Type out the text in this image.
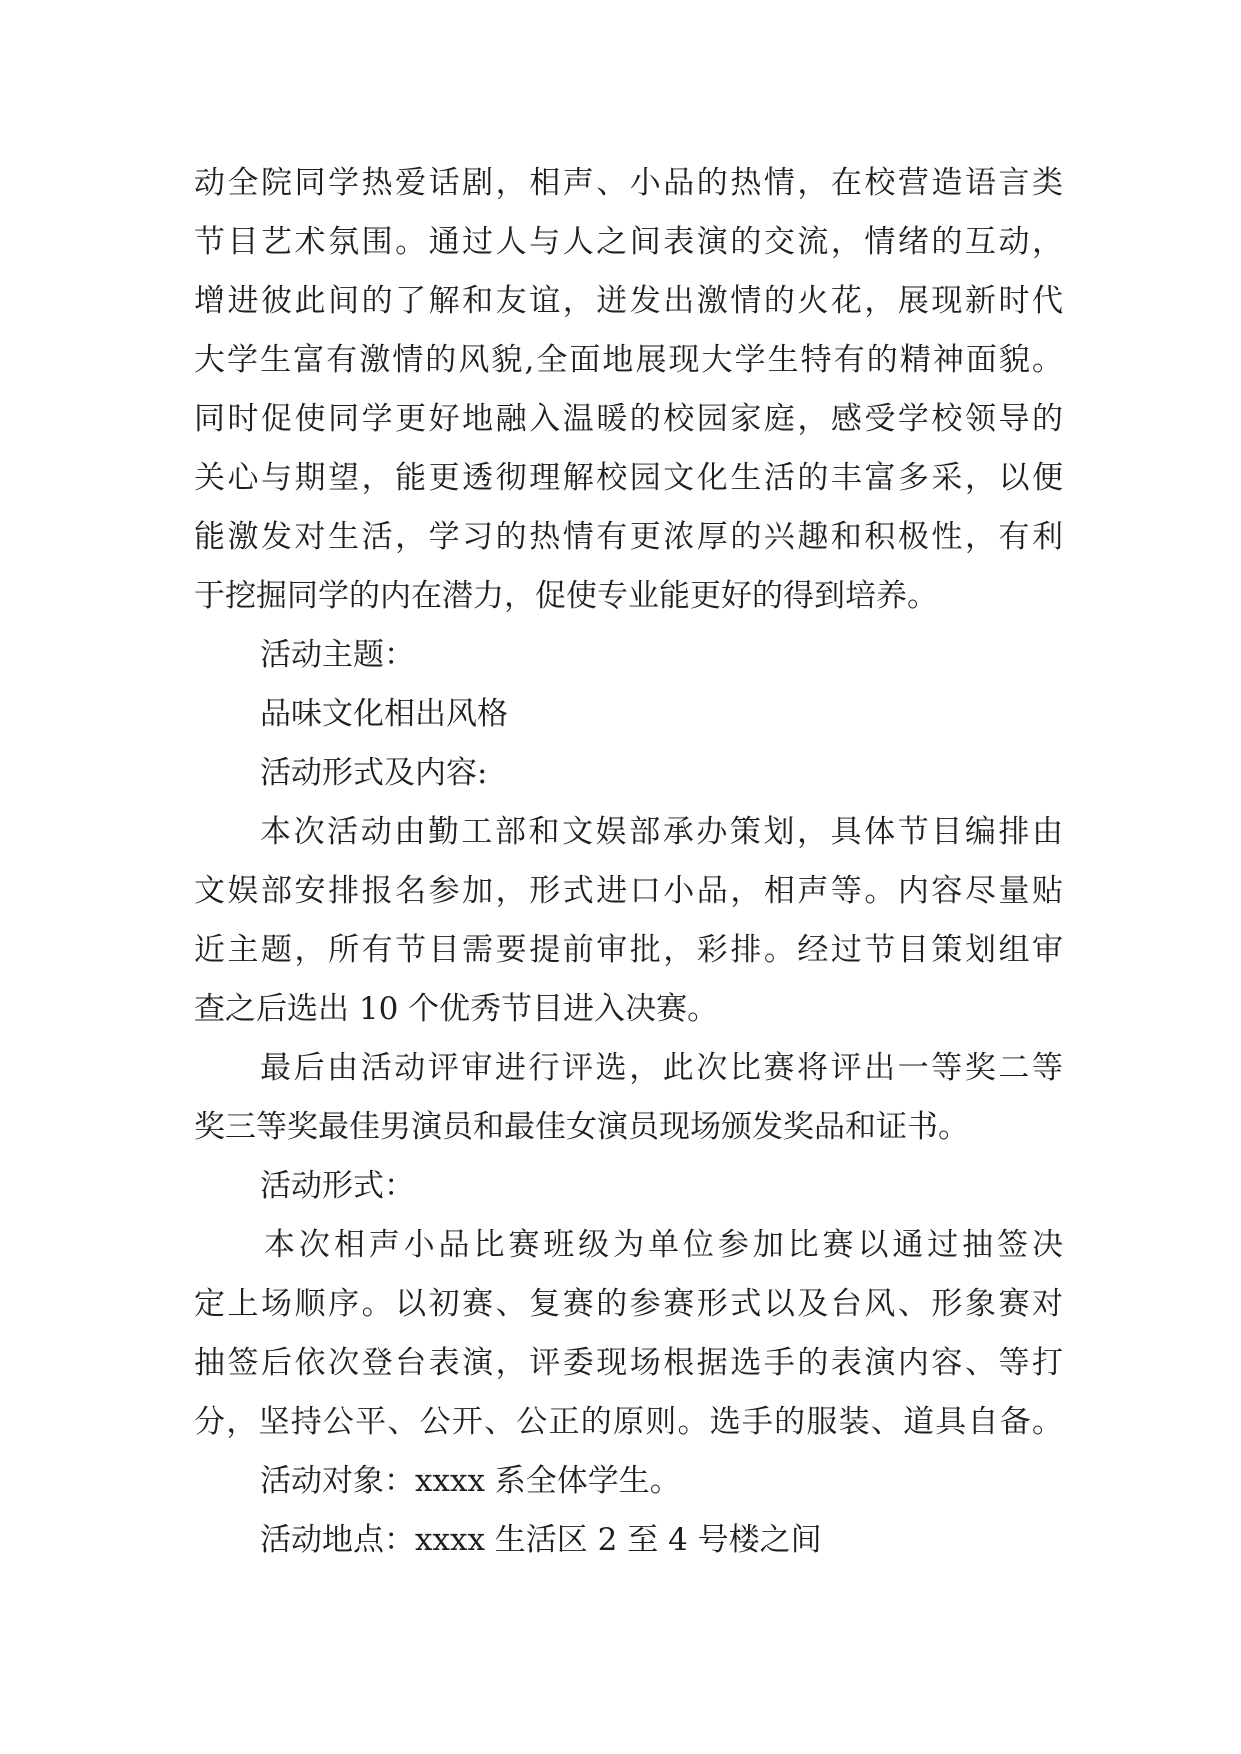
动全院同学热爱话剧，相声、小品的热情，在校营造语言类
节目艺术氛围。通过人与人之间表演的交流，情绪的互动，
增进彼此间的了解和友谊，迸发出激情的火花，展现新时代
大学生富有激情的风貌,全面地展现大学生特有的精神面貌。
同时促使同学更好地融入温暖的校园家庭，感受学校领导的
关心与期望，能更透彻理解校园文化生活的丰富多采，以便
能激发对生活，学习的热情有更浓厚的兴趣和积极性，有利
于挖掘同学的内在潜力，促使专业能更好的得到培养。
活动主题：
品味文化相出风格
活动形式及内容:
本次活动由勤工部和文娱部承办策划，具体节目编排由
文娱部安排报名参加，形式进口小品，相声等。内容尽量贴
近主题，所有节目需要提前审批，彩排。经过节目策划组审
查之后选出 10 个优秀节目进入决赛。
最后由活动评审进行评选，此次比赛将评出一等奖二等
奖三等奖最佳男演员和最佳女演员现场颁发奖品和证书。
活动形式：
本次相声小品比赛班级为单位参加比赛以通过抽签决
定上场顺序。以初赛、复赛的参赛形式以及台风、形象赛对
抽签后依次登台表演，评委现场根据选手的表演内容、等打
分，坚持公平、公开、公正的原则。选手的服装、道具自备。
活动对象：xxxx 系全体学生。
活动地点：xxxx 生活区 2 至 4 号楼之间
